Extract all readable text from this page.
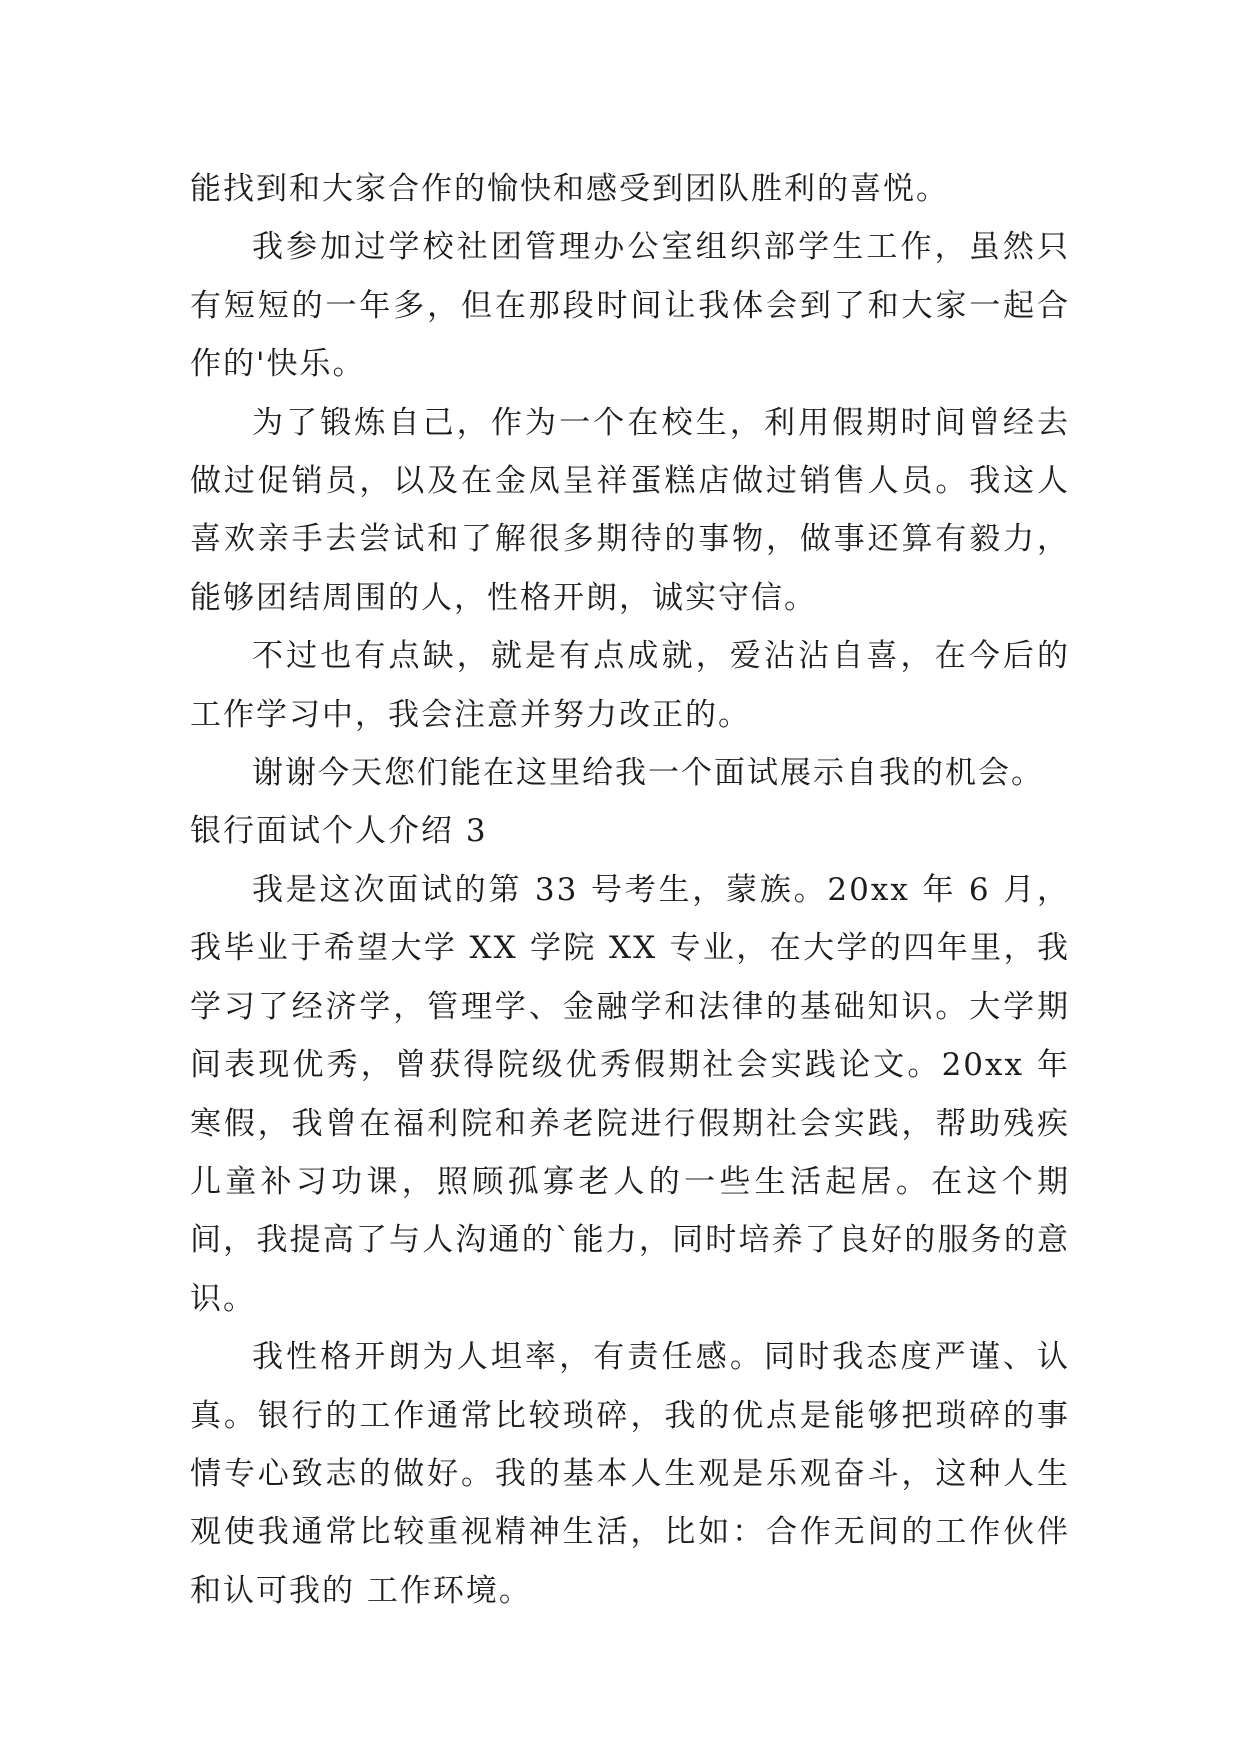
能找到和大家合作的愉快和感受到团队胜利的喜悦。

我参加过学校社团管理办公室组织部学生工作，虽然只有短短的一年多，但在那段时间让我体会到了和大家一起合作的'快乐。

为了锻炼自己，作为一个在校生，利用假期时间曾经去做过促销员，以及在金凤呈祥蛋糕店做过销售人员。我这人喜欢亲手去尝试和了解很多期待的事物，做事还算有毅力，能够团结周围的人，性格开朗，诚实守信。

不过也有点缺，就是有点成就，爱沾沾自喜，在今后的工作学习中，我会注意并努力改正的。

谢谢今天您们能在这里给我一个面试展示自我的机会。

银行面试个人介绍 3

我是这次面试的第 33 号考生，蒙族。20xx 年 6 月，我毕业于希望大学 XX 学院 XX 专业，在大学的四年里，我学习了经济学，管理学、金融学和法律的基础知识。大学期间表现优秀，曾获得院级优秀假期社会实践论文。20xx 年寒假，我曾在福利院和养老院进行假期社会实践，帮助残疾儿童补习功课，照顾孤寡老人的一些生活起居。在这个期间，我提高了与人沟通的`能力，同时培养了良好的服务的意识。

我性格开朗为人坦率，有责任感。同时我态度严谨、认真。银行的工作通常比较琐碎，我的优点是能够把琐碎的事情专心致志的做好。我的基本人生观是乐观奋斗，这种人生观使我通常比较重视精神生活，比如：合作无间的工作伙伴和认可我的 工作环境。
